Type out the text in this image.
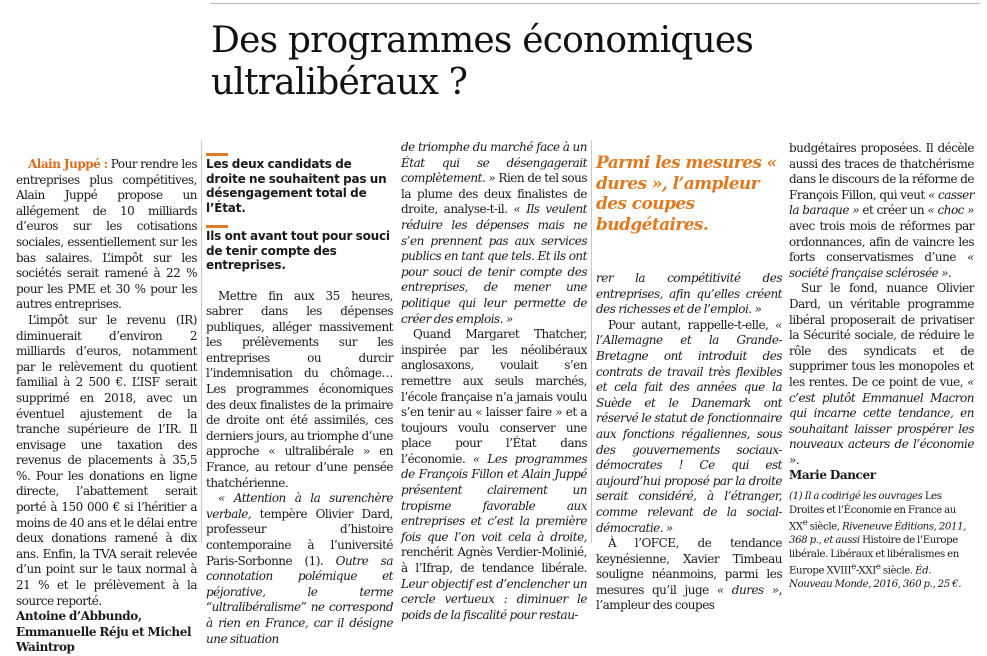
Des programmes économiques ultralibéraux ?

Alain Juppé : Pour rendre les entreprises plus compétitives, Alain Juppé propose un allégement de 10 milliards d’euros sur les cotisations sociales, essentiellement sur les bas salaires. L’impôt sur les sociétés serait ramené à 22 % pour les PME et 30 % pour les autres entreprises.

L’impôt sur le revenu (IR) diminuerait d’environ 2 milliards d’euros, notamment par le relèvement du quotient familial à 2 500 €. L’ISF serait supprimé en 2018, avec un éventuel ajustement de la tranche supérieure de l’IR. Il envisage une taxation des revenus de placements à 35,5 %. Pour les donations en ligne directe, l’abattement serait porté à 150 000 € si l’héritier a moins de 40 ans et le délai entre deux donations ramené à dix ans. Enfin, la TVA serait relevée d’un point sur le taux normal à 21 % et le prélèvement à la source reporté.

Antoine d’Abbundo, Emmanuelle Réju et Michel Waintrop

Les deux candidats de droite ne souhaitent pas un désengagement total de l’État.
Ils ont avant tout pour souci de tenir compte des entreprises.

Mettre fin aux 35 heures, sabrer dans les dépenses publiques, alléger massivement les prélèvements sur les entreprises ou durcir l’indemnisation du chômage… Les programmes économiques des deux finalistes de la primaire de droite ont été assimilés, ces derniers jours, au triomphe d’une approche « ultralibérale » en France, au retour d’une pensée thatchérienne.

« Attention à la surenchère verbale, tempère Olivier Dard, professeur d’histoire contemporaine à l’université Paris-Sorbonne (1). Outre sa connotation polémique et péjorative, le terme “ultralibéralisme” ne correspond à rien en France, car il désigne une situation

de triomphe du marché face à un État qui se désengagerait complètement. » Rien de tel sous la plume des deux finalistes de droite, analyse-t-il. « Ils veulent réduire les dépenses mais ne s’en prennent pas aux services publics en tant que tels. Et ils ont pour souci de tenir compte des entreprises, de mener une politique qui leur permette de créer des emplois. »

Quand Margaret Thatcher, inspirée par les néolibéraux anglosaxons, voulait s’en remettre aux seuls marchés, l’école française n’a jamais voulu s’en tenir au « laisser faire » et a toujours voulu conserver une place pour l’État dans l’économie. « Les programmes de François Fillon et Alain Juppé présentent clairement un tropisme favorable aux entreprises et c’est la première fois que l’on voit cela à droite, renchérit Agnès Verdier-Molinié, à l’Ifrap, de tendance libérale. Leur objectif est d’enclencher un cercle vertueux : diminuer le poids de la fiscalité pour restau-

Parmi les mesures « dures », l’ampleur des coupes budgétaires.

rer la compétitivité des entreprises, afin qu’elles créent des richesses et de l’emploi. »

Pour autant, rappelle-t-elle, « l’Allemagne et la Grande-Bretagne ont introduit des contrats de travail très flexibles et cela fait des années que la Suède et le Danemark ont réservé le statut de fonctionnaire aux fonctions régaliennes, sous des gouvernements sociaux-démocrates ! Ce qui est aujourd’hui proposé par la droite serait considéré, à l’étranger, comme relevant de la social-démocratie. »

À l’OFCE, de tendance keynésienne, Xavier Timbeau souligne néanmoins, parmi les mesures qu’il juge « dures », l’ampleur des coupes

budgétaires proposées. Il décèle aussi des traces de thatchérisme dans le discours de la réforme de François Fillon, qui veut « casser la baraque » et créer un « choc » avec trois mois de réformes par ordonnances, afin de vaincre les forts conservatismes d’une « société française sclérosée ».

Sur le fond, nuance Olivier Dard, un véritable programme libéral proposerait de privatiser la Sécurité sociale, de réduire le rôle des syndicats et de supprimer tous les monopoles et les rentes. De ce point de vue, « c’est plutôt Emmanuel Macron qui incarne cette tendance, en souhaitant laisser prospérer les nouveaux acteurs de l’économie ».

Marie Dancer

(1) Il a codirigé les ouvrages Les Droites et l’Économie en France au XXe siècle, Riveneuve Éditions, 2011, 368 p., et aussi Histoire de l’Europe libérale. Libéraux et libéralismes en Europe XVIIIe-XXIe siècle. Éd. Nouveau Monde, 2016, 360 p., 25 €.
